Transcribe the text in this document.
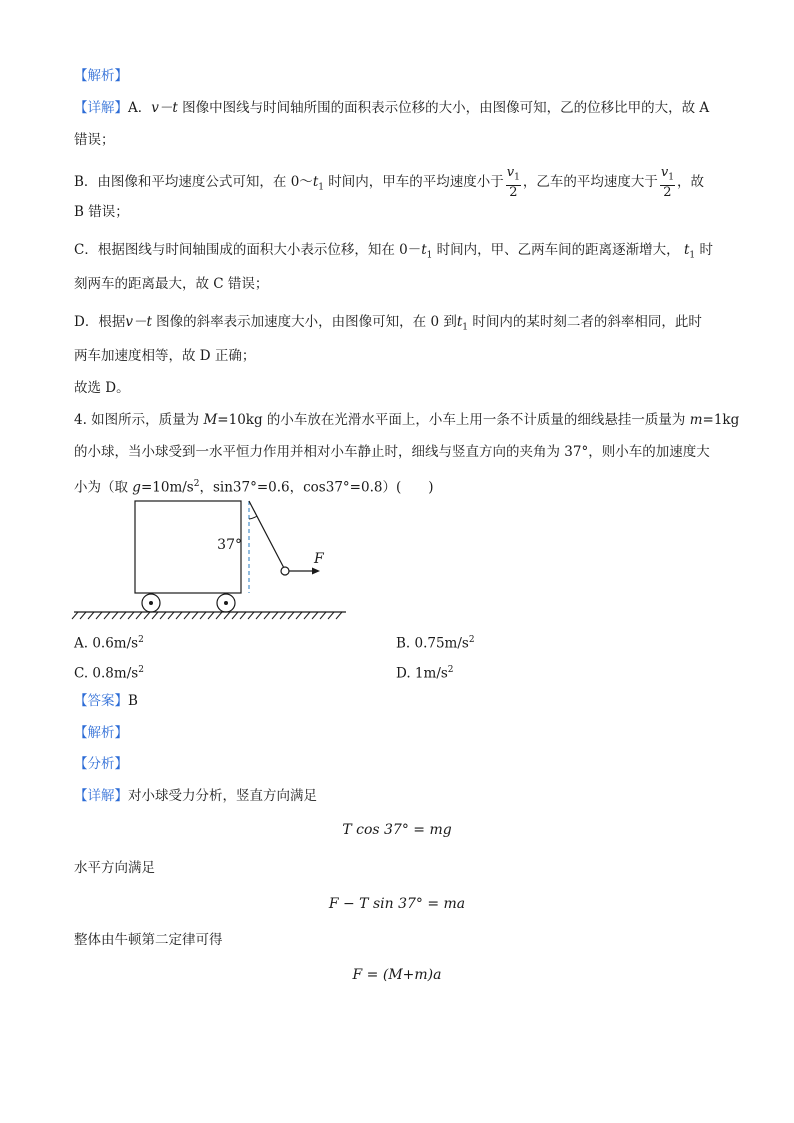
【解析】
【详解】A．v－t 图像中图线与时间轴所围的面积表示位移的大小，由图像可知，乙的位移比甲的大，故 A
错误；
B．由图像和平均速度公式可知，在 $0\sim t_1$ 时间内，甲车的平均速度小于 $\frac{v_1}{2}$ ，乙车的平均速度大于 $\frac{v_1}{2}$ ，故
B 错误；
C．根据图线与时间轴围成的面积大小表示位移，知在 $0-t_1$ 时间内，甲、乙两车间的距离逐渐增大， $t_1$ 时
刻两车的距离最大，故 C 错误；
D．根据v－t 图像的斜率表示加速度大小，由图像可知，在 0 到$t_1$ 时间内的某时刻二者的斜率相同，此时
两车加速度相等，故 D 正确；
故选 D。
4. 如图所示，质量为 M=10kg 的小车放在光滑水平面上，小车上用一条不计质量的细线悬挂一质量为 m=1kg
的小球，当小球受到一水平恒力作用并相对小车静止时，细线与竖直方向的夹角为 37°，则小车的加速度大
小为（取 $g=10m/s^2$，sin37°=0.6，cos37°=0.8）(　　)
37°
F
A. $0.6m/s^2$	B. $0.75m/s^2$
C. $0.8m/s^2$	D. $1m/s^2$
【答案】B
【解析】
【分析】
【详解】对小球受力分析，竖直方向满足
T cos 37° = mg
水平方向满足
F − T sin 37° = ma
整体由牛顿第二定律可得
F = (M+m)a
